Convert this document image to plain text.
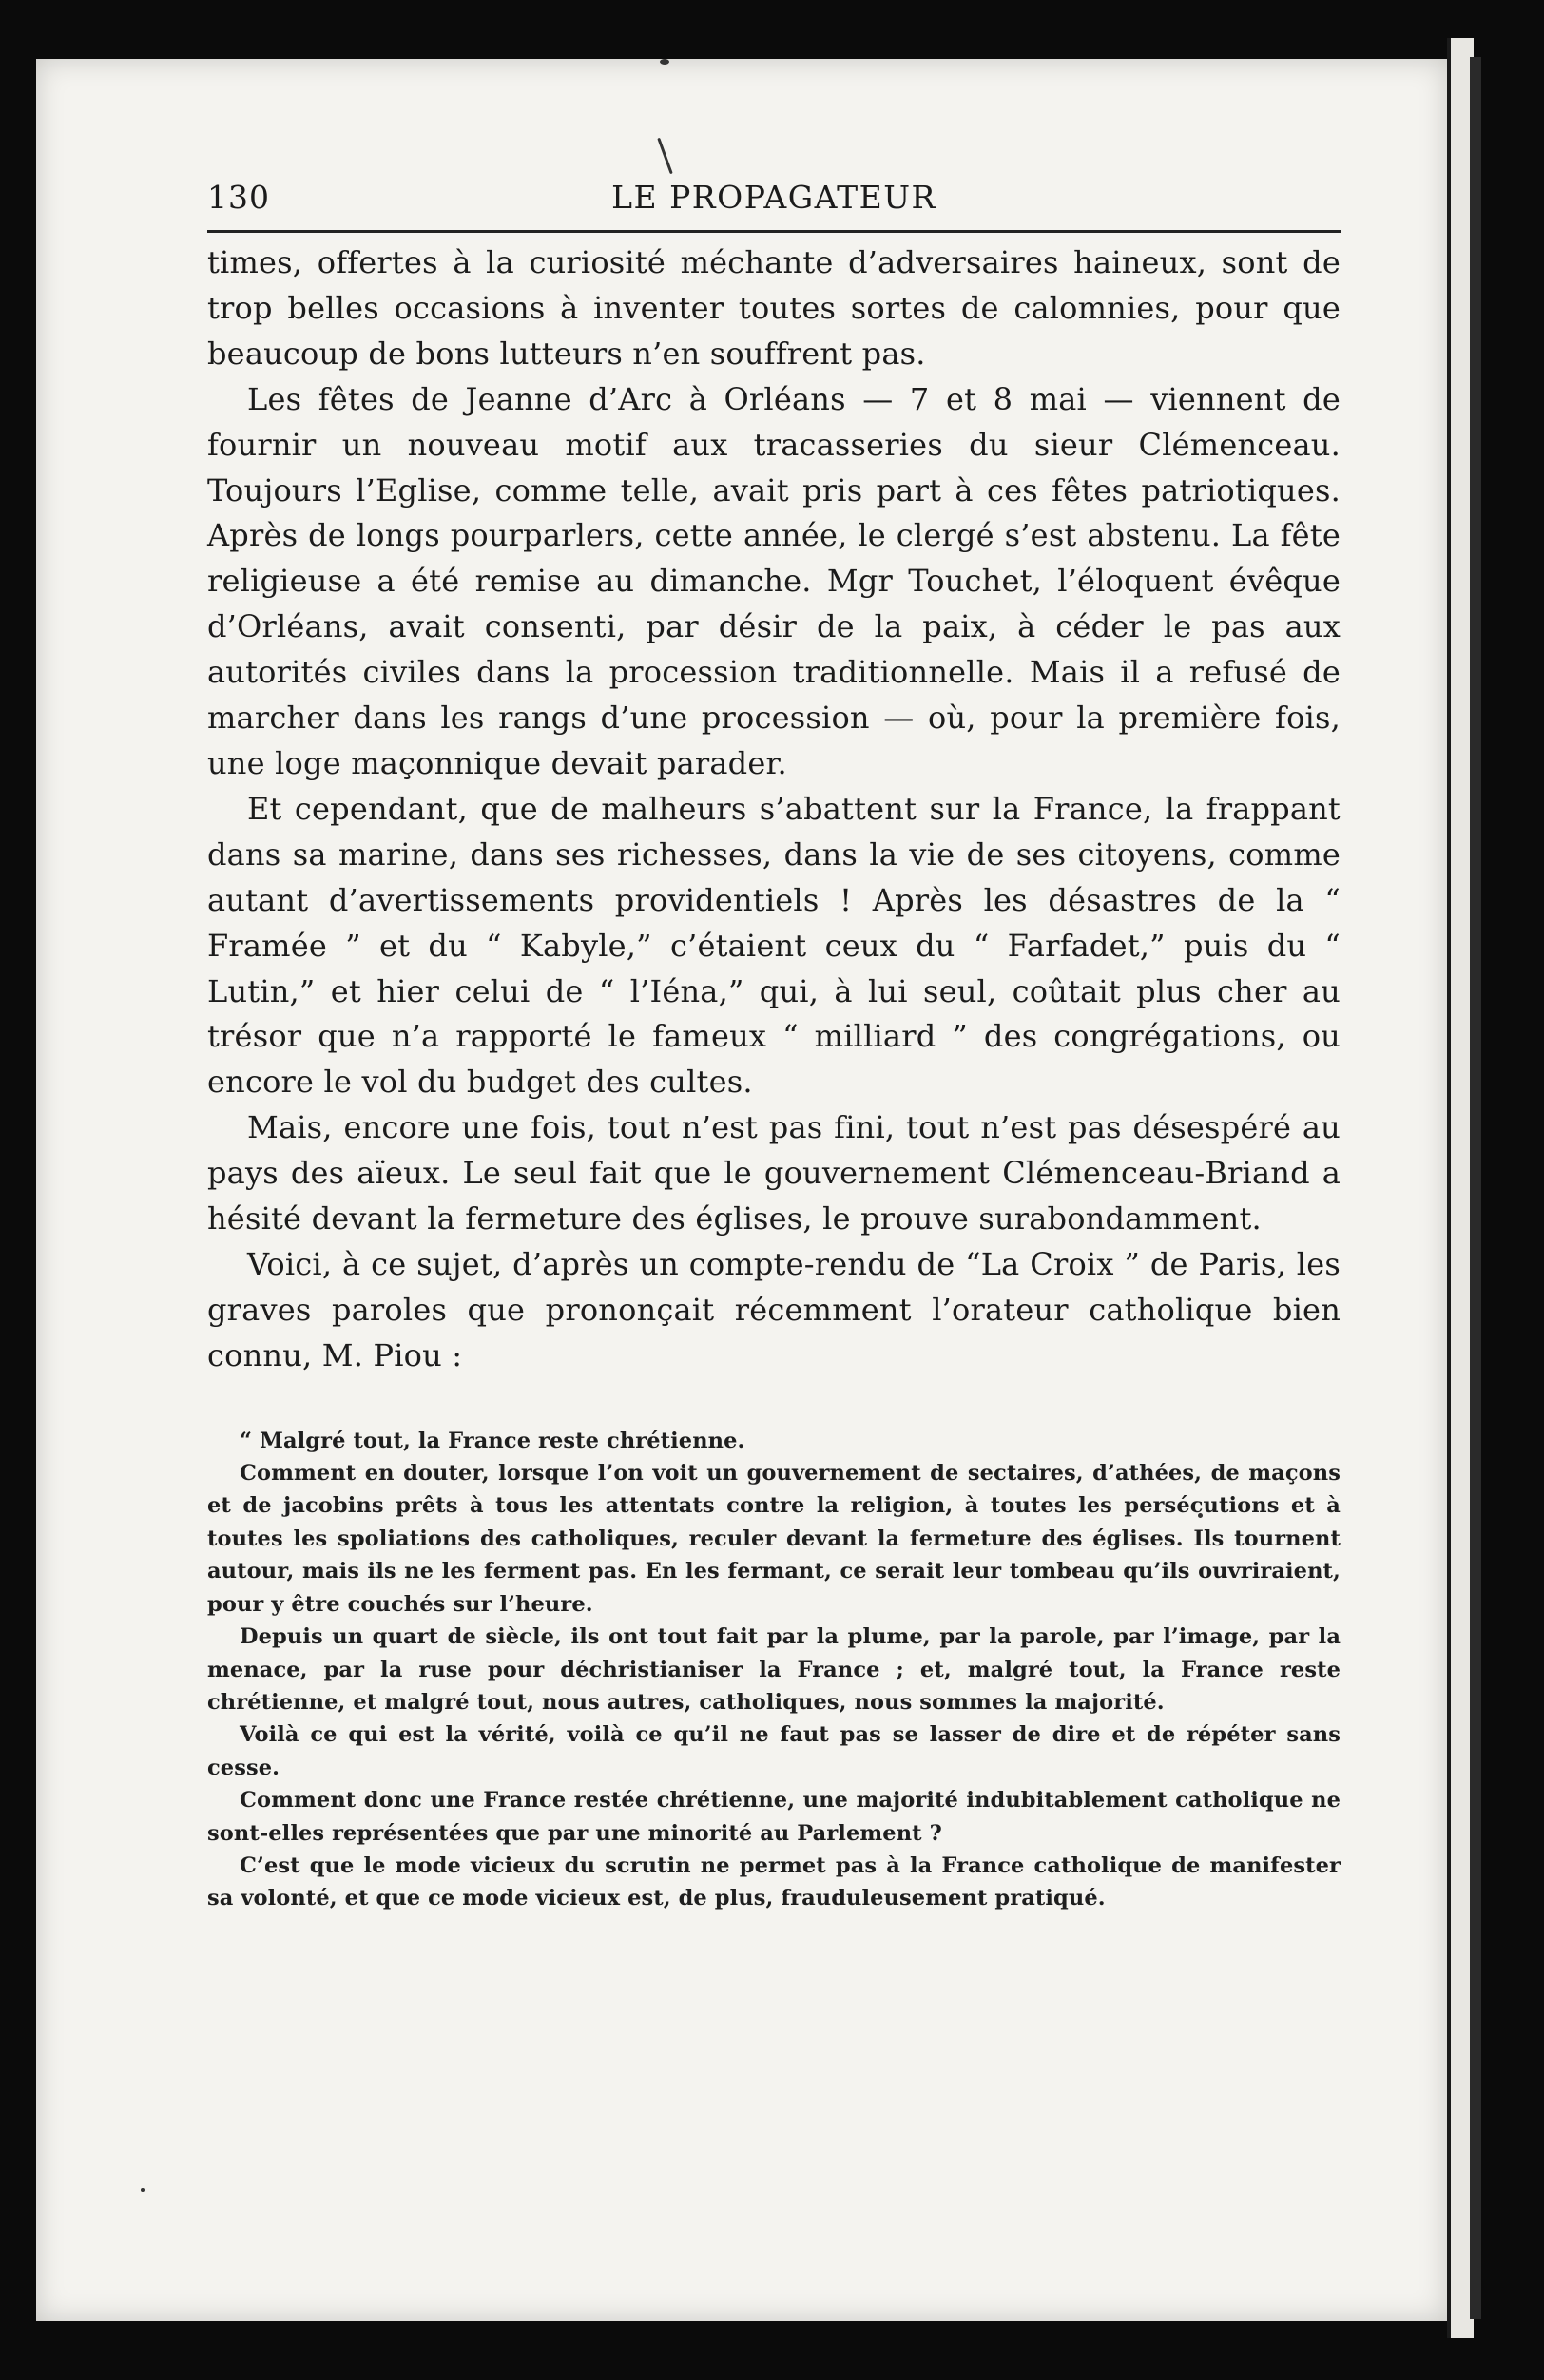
130	LE PROPAGATEUR

times, offertes à la curiosité méchante d’adversaires haineux, sont de trop belles occasions à inventer toutes sortes de calomnies, pour que beaucoup de bons lutteurs n’en souffrent pas.

Les fêtes de Jeanne d’Arc à Orléans — 7 et 8 mai — viennent de fournir un nouveau motif aux tracasseries du sieur Clémenceau. Toujours l’Eglise, comme telle, avait pris part à ces fêtes patriotiques. Après de longs pourparlers, cette année, le clergé s’est abstenu. La fête religieuse a été remise au dimanche. Mgr Touchet, l’éloquent évêque d’Orléans, avait consenti, par désir de la paix, à céder le pas aux autorités civiles dans la procession traditionnelle. Mais il a refusé de marcher dans les rangs d’une procession — où, pour la première fois, une loge maçonnique devait parader.

Et cependant, que de malheurs s’abattent sur la France, la frappant dans sa marine, dans ses richesses, dans la vie de ses citoyens, comme autant d’avertissements providentiels ! Après les désastres de la “ Framée ” et du “ Kabyle,” c’étaient ceux du “ Farfadet,” puis du “ Lutin,” et hier celui de “ l’Iéna,” qui, à lui seul, coûtait plus cher au trésor que n’a rapporté le fameux “ milliard ” des congrégations, ou encore le vol du budget des cultes.

Mais, encore une fois, tout n’est pas fini, tout n’est pas désespéré au pays des aïeux. Le seul fait que le gouvernement Clémenceau-Briand a hésité devant la fermeture des églises, le prouve surabondamment.

Voici, à ce sujet, d’après un compte-rendu de “La Croix ” de Paris, les graves paroles que prononçait récemment l’orateur catholique bien connu, M. Piou :

“ Malgré tout, la France reste chrétienne.

Comment en douter, lorsque l’on voit un gouvernement de sectaires, d’athées, de maçons et de jacobins prêts à tous les attentats contre la religion, à toutes les persécutions et à toutes les spoliations des catholiques, reculer devant la fermeture des églises. Ils tournent autour, mais ils ne les ferment pas. En les fermant, ce serait leur tombeau qu’ils ouvriraient, pour y être couchés sur l’heure.

Depuis un quart de siècle, ils ont tout fait par la plume, par la parole, par l’image, par la menace, par la ruse pour déchristianiser la France ; et, malgré tout, la France reste chrétienne, et malgré tout, nous autres, catholiques, nous sommes la majorité.

Voilà ce qui est la vérité, voilà ce qu’il ne faut pas se lasser de dire et de répéter sans cesse.

Comment donc une France restée chrétienne, une majorité indubitablement catholique ne sont-elles représentées que par une minorité au Parlement ?

C’est que le mode vicieux du scrutin ne permet pas à la France catholique de manifester sa volonté, et que ce mode vicieux est, de plus, frauduleusement pratiqué.
